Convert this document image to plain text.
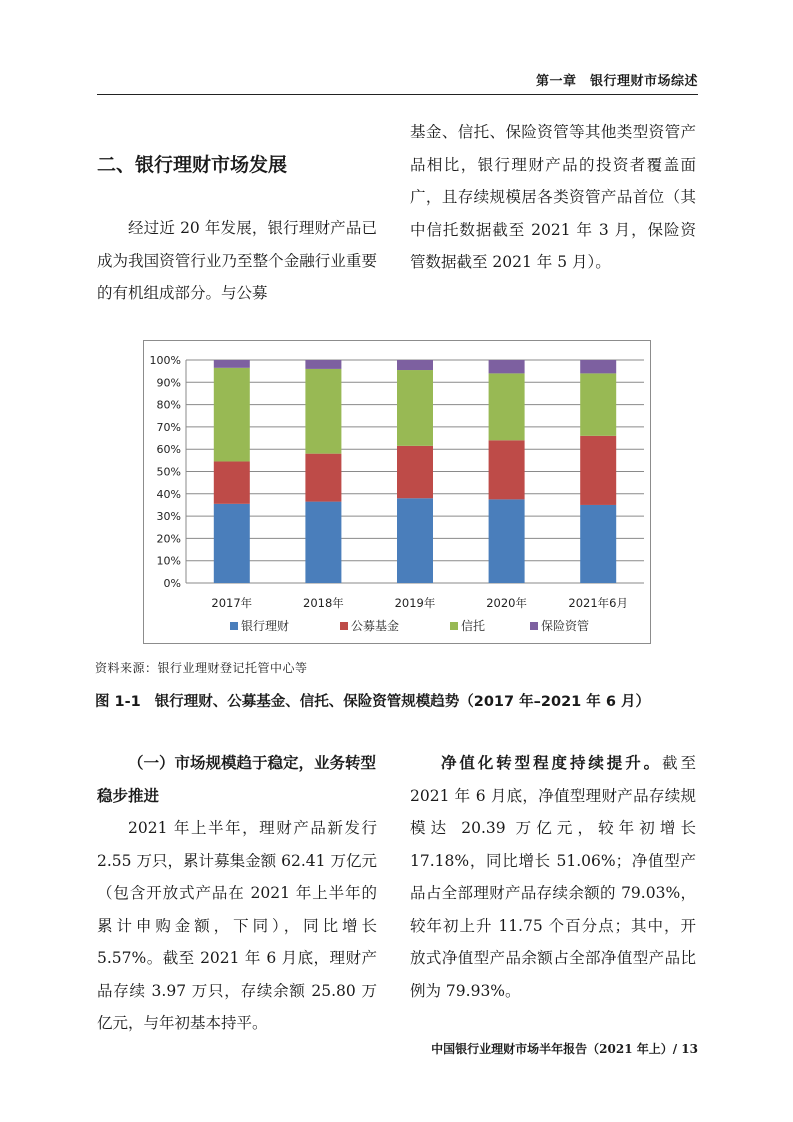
第一章　银行理财市场综述
二、银行理财市场发展
经过近 20 年发展，银行理财产品已成为我国资管行业乃至整个金融行业重要的有机组成部分。与公募
基金、信托、保险资管等其他类型资管产品相比，银行理财产品的投资者覆盖面广，且存续规模居各类资管产品首位（其中信托数据截至 2021 年 3 月，保险资管数据截至 2021 年 5 月）。
0%
10%
20%
30%
40%
50%
60%
70%
80%
90%
100%
2017年	2018年	2019年	2020年	2021年6月
银行理财	公募基金	信托	保险资管
资料来源：银行业理财登记托管中心等
图 1-1 银行理财、公募基金、信托、保险资管规模趋势（2017 年–2021 年 6 月）
（一）市场规模趋于稳定，业务转型稳步推进
2021 年上半年，理财产品新发行 2.55 万只，累计募集金额 62.41 万亿元（包含开放式产品在 2021 年上半年的累计申购金额，下同），同比增长 5.57%。截至 2021 年 6 月底，理财产品存续 3.97 万只，存续余额 25.80 万亿元，与年初基本持平。
净值化转型程度持续提升。截至 2021 年 6 月底，净值型理财产品存续规模达 20.39 万亿元，较年初增长 17.18%，同比增长 51.06%；净值型产品占全部理财产品存续余额的 79.03%，较年初上升 11.75 个百分点；其中，开放式净值型产品余额占全部净值型产品比例为 79.93%。
中国银行业理财市场半年报告（2021 年上）/ 13
